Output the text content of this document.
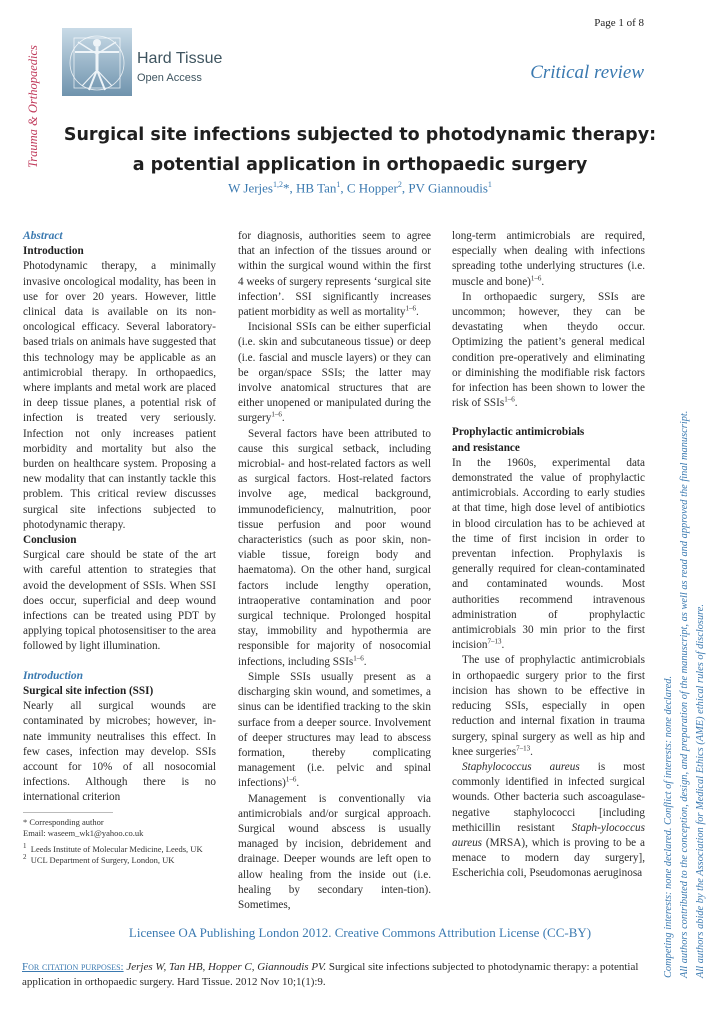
Page 1 of 8
Trauma & Orthopaedics	Hard Tissue
Open Access	Critical review
Surgical site infections subjected to photodynamic therapy:
a potential application in orthopaedic surgery
W Jerjes$^{1,2}$*, HB Tan$^1$, C Hopper$^2$, PV Giannoudis$^1$
Abstract
Introduction

Photodynamic therapy, a minimally invasive oncological modality, has been in use for over 20 years. However, little clinical data is available on its non-oncological efficacy. Several laboratory-based trials on animals have suggested that this technology may be applicable as an antimicrobial therapy. In orthopaedics, where implants and metal work are placed in deep tissue planes, a potential risk of infection is treated very seriously. Infection not only increases patient morbidity and mortality but also the burden on healthcare system. Proposing a new modality that can instantly tackle this problem. This critical review discusses surgical site infections subjected to photodynamic therapy.

Conclusion

Surgical care should be state of the art with careful attention to strategies that avoid the development of SSIs. When SSI does occur, superficial and deep wound infections can be treated using PDT by applying topical photosensitiser to the area followed by light illumination.

Introduction
Surgical site infection (SSI)

Nearly all surgical wounds are contaminated by microbes; however, in-nate immunity neutralises this effect. In few cases, infection may develop. SSIs account for 10% of all nosocomial infections. Although there is no international criterion

* Corresponding author

Email: waseem_wk1@yahoo.co.uk

$^1$ Leeds Institute of Molecular Medicine, Leeds, UK

$^2$ UCL Department of Surgery, London, UK

for diagnosis, authorities seem to agree that an infection of the tissues around or within the surgical wound within the first 4 weeks of surgery represents ‘surgical site infection’. SSI significantly increases patient morbidity as well as mortality$^{1-6}$.

Incisional SSIs can be either superficial (i.e. skin and subcutaneous tissue) or deep (i.e. fascial and muscle layers) or they can be organ/space SSIs; the latter may involve anatomical structures that are either unopened or manipulated during the surgery$^{1-6}$.

Several factors have been attributed to cause this surgical setback, including microbial- and host-related factors as well as surgical factors. Host-related factors involve age, medical background, immunodeficiency, malnutrition, poor tissue perfusion and poor wound characteristics (such as poor skin, non-viable tissue, foreign body and haematoma). On the other hand, surgical factors include lengthy operation, intraoperative contamination and poor surgical technique. Prolonged hospital stay, immobility and hypothermia are responsible for majority of nosocomial infections, including SSIs$^{1-6}$.

Simple SSIs usually present as a discharging skin wound, and sometimes, a sinus can be identified tracking to the skin surface from a deeper source. Involvement of deeper structures may lead to abscess formation, thereby complicating management (i.e. pelvic and spinal infections)$^{1-6}$.

Management is conventionally via antimicrobials and/or surgical approach. Surgical wound abscess is usually managed by incision, debridement and drainage. Deeper wounds are left open to allow healing from the inside out (i.e. healing by secondary inten-tion). Sometimes,

long-term antimicrobials are required, especially when dealing with infections spreading tothe underlying structures (i.e. muscle and bone)$^{1-6}$.

In orthopaedic surgery, SSIs are uncommon; however, they can be devastating when theydo occur. Optimizing the patient’s general medical condition pre-operatively and eliminating or diminishing the modifiable risk factors for infection has been shown to lower the risk of SSIs$^{1-6}$.

Prophylactic antimicrobials
and resistance

In the 1960s, experimental data demonstrated the value of prophylactic antimicrobials. According to early studies at that time, high dose level of antibiotics in blood circulation has to be achieved at the time of first incision in order to preventan infection. Prophylaxis is generally required for clean-contaminated and contaminated wounds. Most authorities recommend intravenous administration of prophylactic antimicrobials 30 min prior to the first incision$^{7-13}$.

The use of prophylactic antimicrobials in orthopaedic surgery prior to the first incision has shown to be effective in reducing SSIs, especially in open reduction and internal fixation in trauma surgery, spinal surgery as well as hip and knee surgeries$^{7-13}$.

Staphylococcus aureus is most commonly identified in infected surgical wounds. Other bacteria such ascoagulase-negative staphylococci [including methicillin resistant Staph-ylococcus aureus (MRSA), which is proving to be a menace to modern day surgery], Escherichia coli, Pseudomonas aeruginosa Competing interests: none declared. Conflict of interests: none declared. All authors contributed to the conception, design, and preparation of the manuscript, as well as read and approved the final manuscript. All authors abide by the Association for Medical Ethics (AME) ethical rules of disclosure.
Licensee OA Publishing London 2012. Creative Commons Attribution License (CC-BY)
For citation purposes: Jerjes W, Tan HB, Hopper C, Giannoudis PV. Surgical site infections subjected to photodynamic therapy: a potential application in orthopaedic surgery. Hard Tissue. 2012 Nov 10;1(1):9.
